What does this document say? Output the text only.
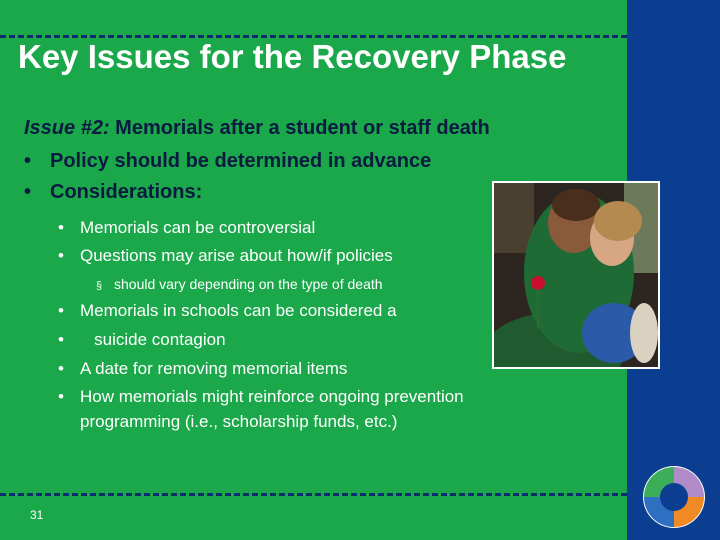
Key Issues for the Recovery Phase
Issue #2: Memorials after a student or staff death
• Policy should be determined in advance
• Considerations:
• Memorials can be controversial
• Questions may arise about how/if policies
§ should vary depending on the type of death
• Memorials in schools can be considered a
•   suicide contagion
• A date for removing memorial items
• How memorials might reinforce ongoing prevention
programming (i.e., scholarship funds, etc.)
31
